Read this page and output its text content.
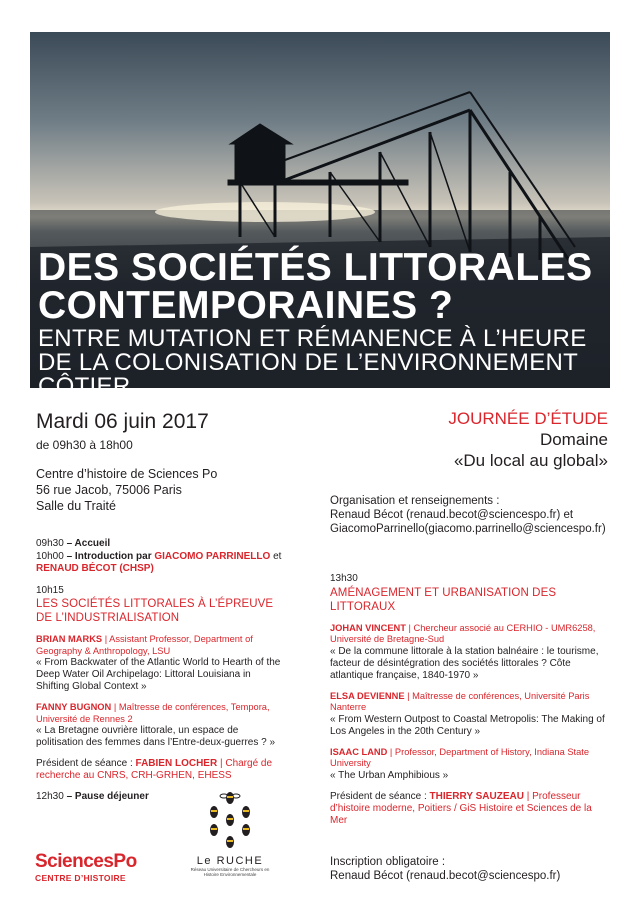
DES SOCIÉTÉS LITTORALES
CONTEMPORAINES ?
ENTRE MUTATION ET RÉMANENCE À L’HEURE DE LA COLONISATION DE L’ENVIRONNEMENT CÔTIER
Mardi 06 juin 2017
de 09h30 à 18h00
Centre d’histoire de Sciences Po
56 rue Jacob, 75006 Paris
Salle du Traité
JOURNÉE D’ÉTUDE
Domaine
«Du local au global»
Organisation et renseignements :
Renaud Bécot (renaud.becot@sciencespo.fr) et
GiacomoParrinello(giacomo.parrinello@sciencespo.fr)

09h30 – Accueil

10h00 – Introduction par GIACOMO PARRINELLO et
RENAUD BÉCOT (CHSP)

10h15

LES SOCIÉTÉS LITTORALES À L’ÉPREUVE DE L’INDUSTRIALISATION

BRIAN MARKS | Assistant Professor, Department of Geography & Anthropology, LSU

« From Backwater of the Atlantic World to Hearth of the Deep Water Oil Archipelago: Littoral Louisiana in Shifting Global Context »

FANNY BUGNON | Maîtresse de conférences, Tempora, Université de Rennes 2

« La Bretagne ouvrière littorale, un espace de politisation des femmes dans l’Entre-deux-guerres ? »

Président de séance : FABIEN LOCHER | Chargé de recherche au CNRS, CRH-GRHEN, EHESS

12h30 – Pause déjeuner

13h30

AMÉNAGEMENT ET URBANISATION DES LITTORAUX

JOHAN VINCENT | Chercheur associé au CERHIO - UMR6258, Université de Bretagne-Sud

« De la commune littorale à la station balnéaire : le tourisme, facteur de désintégration des sociétés littorales ? Côte atlantique française, 1840-1970 »

ELSA DEVIENNE | Maîtresse de conférences, Université Paris Nanterre

« From Western Outpost to Coastal Metropolis: The Making of Los Angeles in the 20th Century »

ISAAC LAND | Professor, Department of History, Indiana State University

« The Urban Amphibious »

Président de séance : THIERRY SAUZEAU | Professeur d’histoire moderne, Poitiers / GiS Histoire et Sciences de la Mer

SciencesPo
CENTRE D’HISTOIRE
Le RUCHE
Réseau Universitaire de Chercheurs en Histoire Environnementale
Inscription obligatoire :
Renaud Bécot (renaud.becot@sciencespo.fr)
